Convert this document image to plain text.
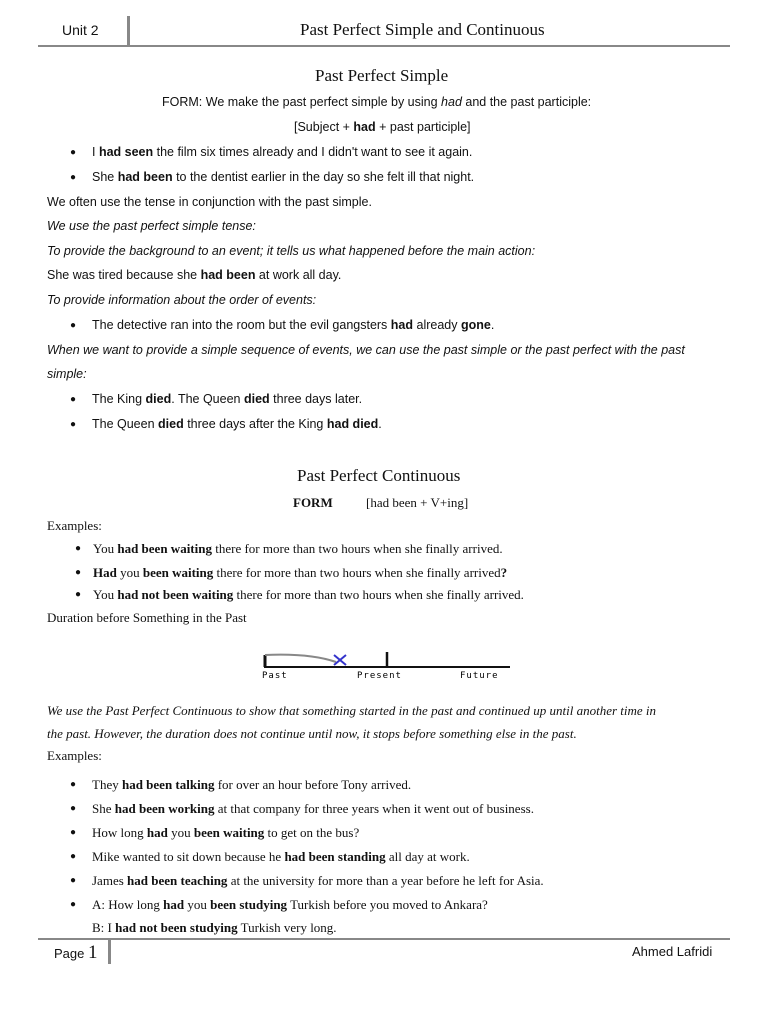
Unit 2	Past Perfect Simple and Continuous
Past Perfect Simple
FORM: We make the past perfect simple by using had and the past participle:
[Subject + had + past participle]
● I had seen the film six times already and I didn't want to see it again.
● She had been to the dentist earlier in the day so she felt ill that night.
We often use the tense in conjunction with the past simple.
We use the past perfect simple tense:
To provide the background to an event; it tells us what happened before the main action:
She was tired because she had been at work all day.
To provide information about the order of events:
● The detective ran into the room but the evil gangsters had already gone.
When we want to provide a simple sequence of events, we can use the past simple or the past perfect with the past
simple:
● The King died. The Queen died three days later.
● The Queen died three days after the King had died.
Past Perfect Continuous
FORM	[had been + V+ing]
Examples:
● You had been waiting there for more than two hours when she finally arrived.
● Had you been waiting there for more than two hours when she finally arrived?
● You had not been waiting there for more than two hours when she finally arrived.
Duration before Something in the Past
Past	Present	Future
We use the Past Perfect Continuous to show that something started in the past and continued up until another time in
the past. However, the duration does not continue until now, it stops before something else in the past.
Examples:
● They had been talking for over an hour before Tony arrived.
● She had been working at that company for three years when it went out of business.
● How long had you been waiting to get on the bus?
● Mike wanted to sit down because he had been standing all day at work.
● James had been teaching at the university for more than a year before he left for Asia.
● A: How long had you been studying Turkish before you moved to Ankara?
B: I had not been studying Turkish very long.
Page 1	Ahmed Lafridi
